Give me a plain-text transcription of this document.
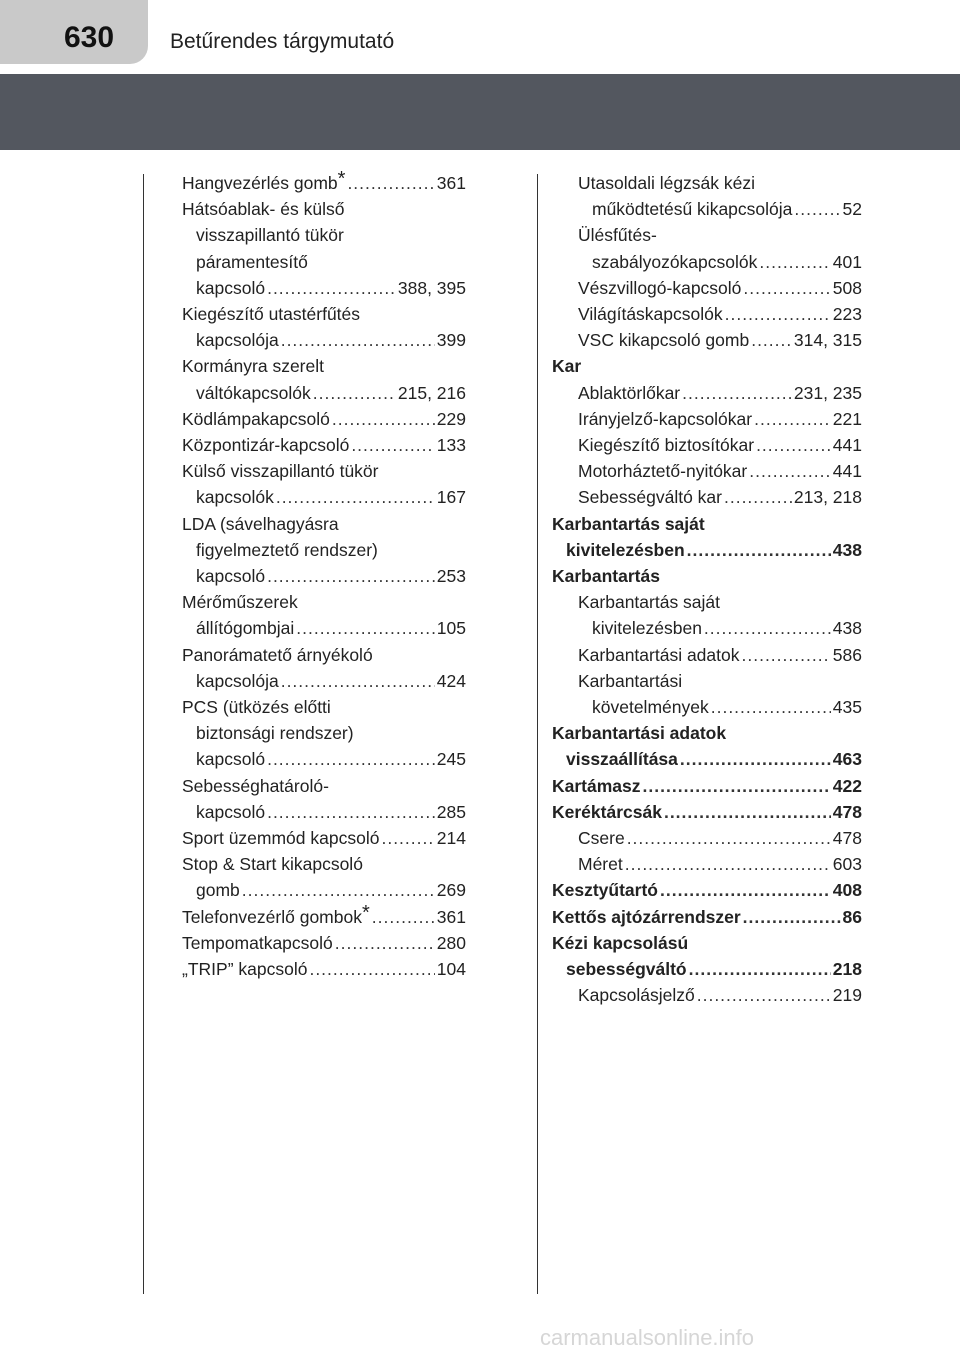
630	Betűrendes tárgymutató
Hangvezérlés gomb* .....	361
Hátsóablak- és külső
visszapillantó tükör
páramentesítő
kapcsoló .....	388, 395
Kiegészítő utastérfűtés
kapcsolója .....	399
Kormányra szerelt
váltókapcsolók .....	215, 216
Ködlámpakapcsoló .....	229
Központizár-kapcsoló .....	133
Külső visszapillantó tükör
kapcsolók .....	167
LDA (sávelhagyásra
figyelmeztető rendszer)
kapcsoló .....	253
Mérőműszerek
állítógombjai .....	105
Panorámatető árnyékoló
kapcsolója .....	424
PCS (ütközés előtti
biztonsági rendszer)
kapcsoló .....	245
Sebességhatároló-
kapcsoló .....	285
Sport üzemmód kapcsoló .....	214
Stop & Start kikapcsoló
gomb .....	269
Telefonvezérlő gombok* .....	361
Tempomatkapcsoló .....	280
„TRIP” kapcsoló .....	104
Utasoldali légzsák kézi
működtetésű kikapcsolója .....	52
Ülésfűtés-
szabályozókapcsolók .....	401
Vészvillogó-kapcsoló .....	508
Világításkapcsolók .....	223
VSC kikapcsoló gomb .....	314, 315
Kar
Ablaktörlőkar .....	231, 235
Irányjelző-kapcsolókar .....	221
Kiegészítő biztosítókar .....	441
Motorháztető-nyitókar .....	441
Sebességváltó kar .....	213, 218
Karbantartás saját
kivitelezésben .....	438
Karbantartás
Karbantartás saját
kivitelezésben .....	438
Karbantartási adatok .....	586
Karbantartási
követelmények .....	435
Karbantartási adatok
visszaállítása .....	463
Kartámasz .....	422
Keréktárcsák .....	478
Csere .....	478
Méret .....	603
Kesztyűtartó .....	408
Kettős ajtózárrendszer .....	86
Kézi kapcsolású
sebességváltó .....	218
Kapcsolásjelző .....	219
carmanualsonline.info
